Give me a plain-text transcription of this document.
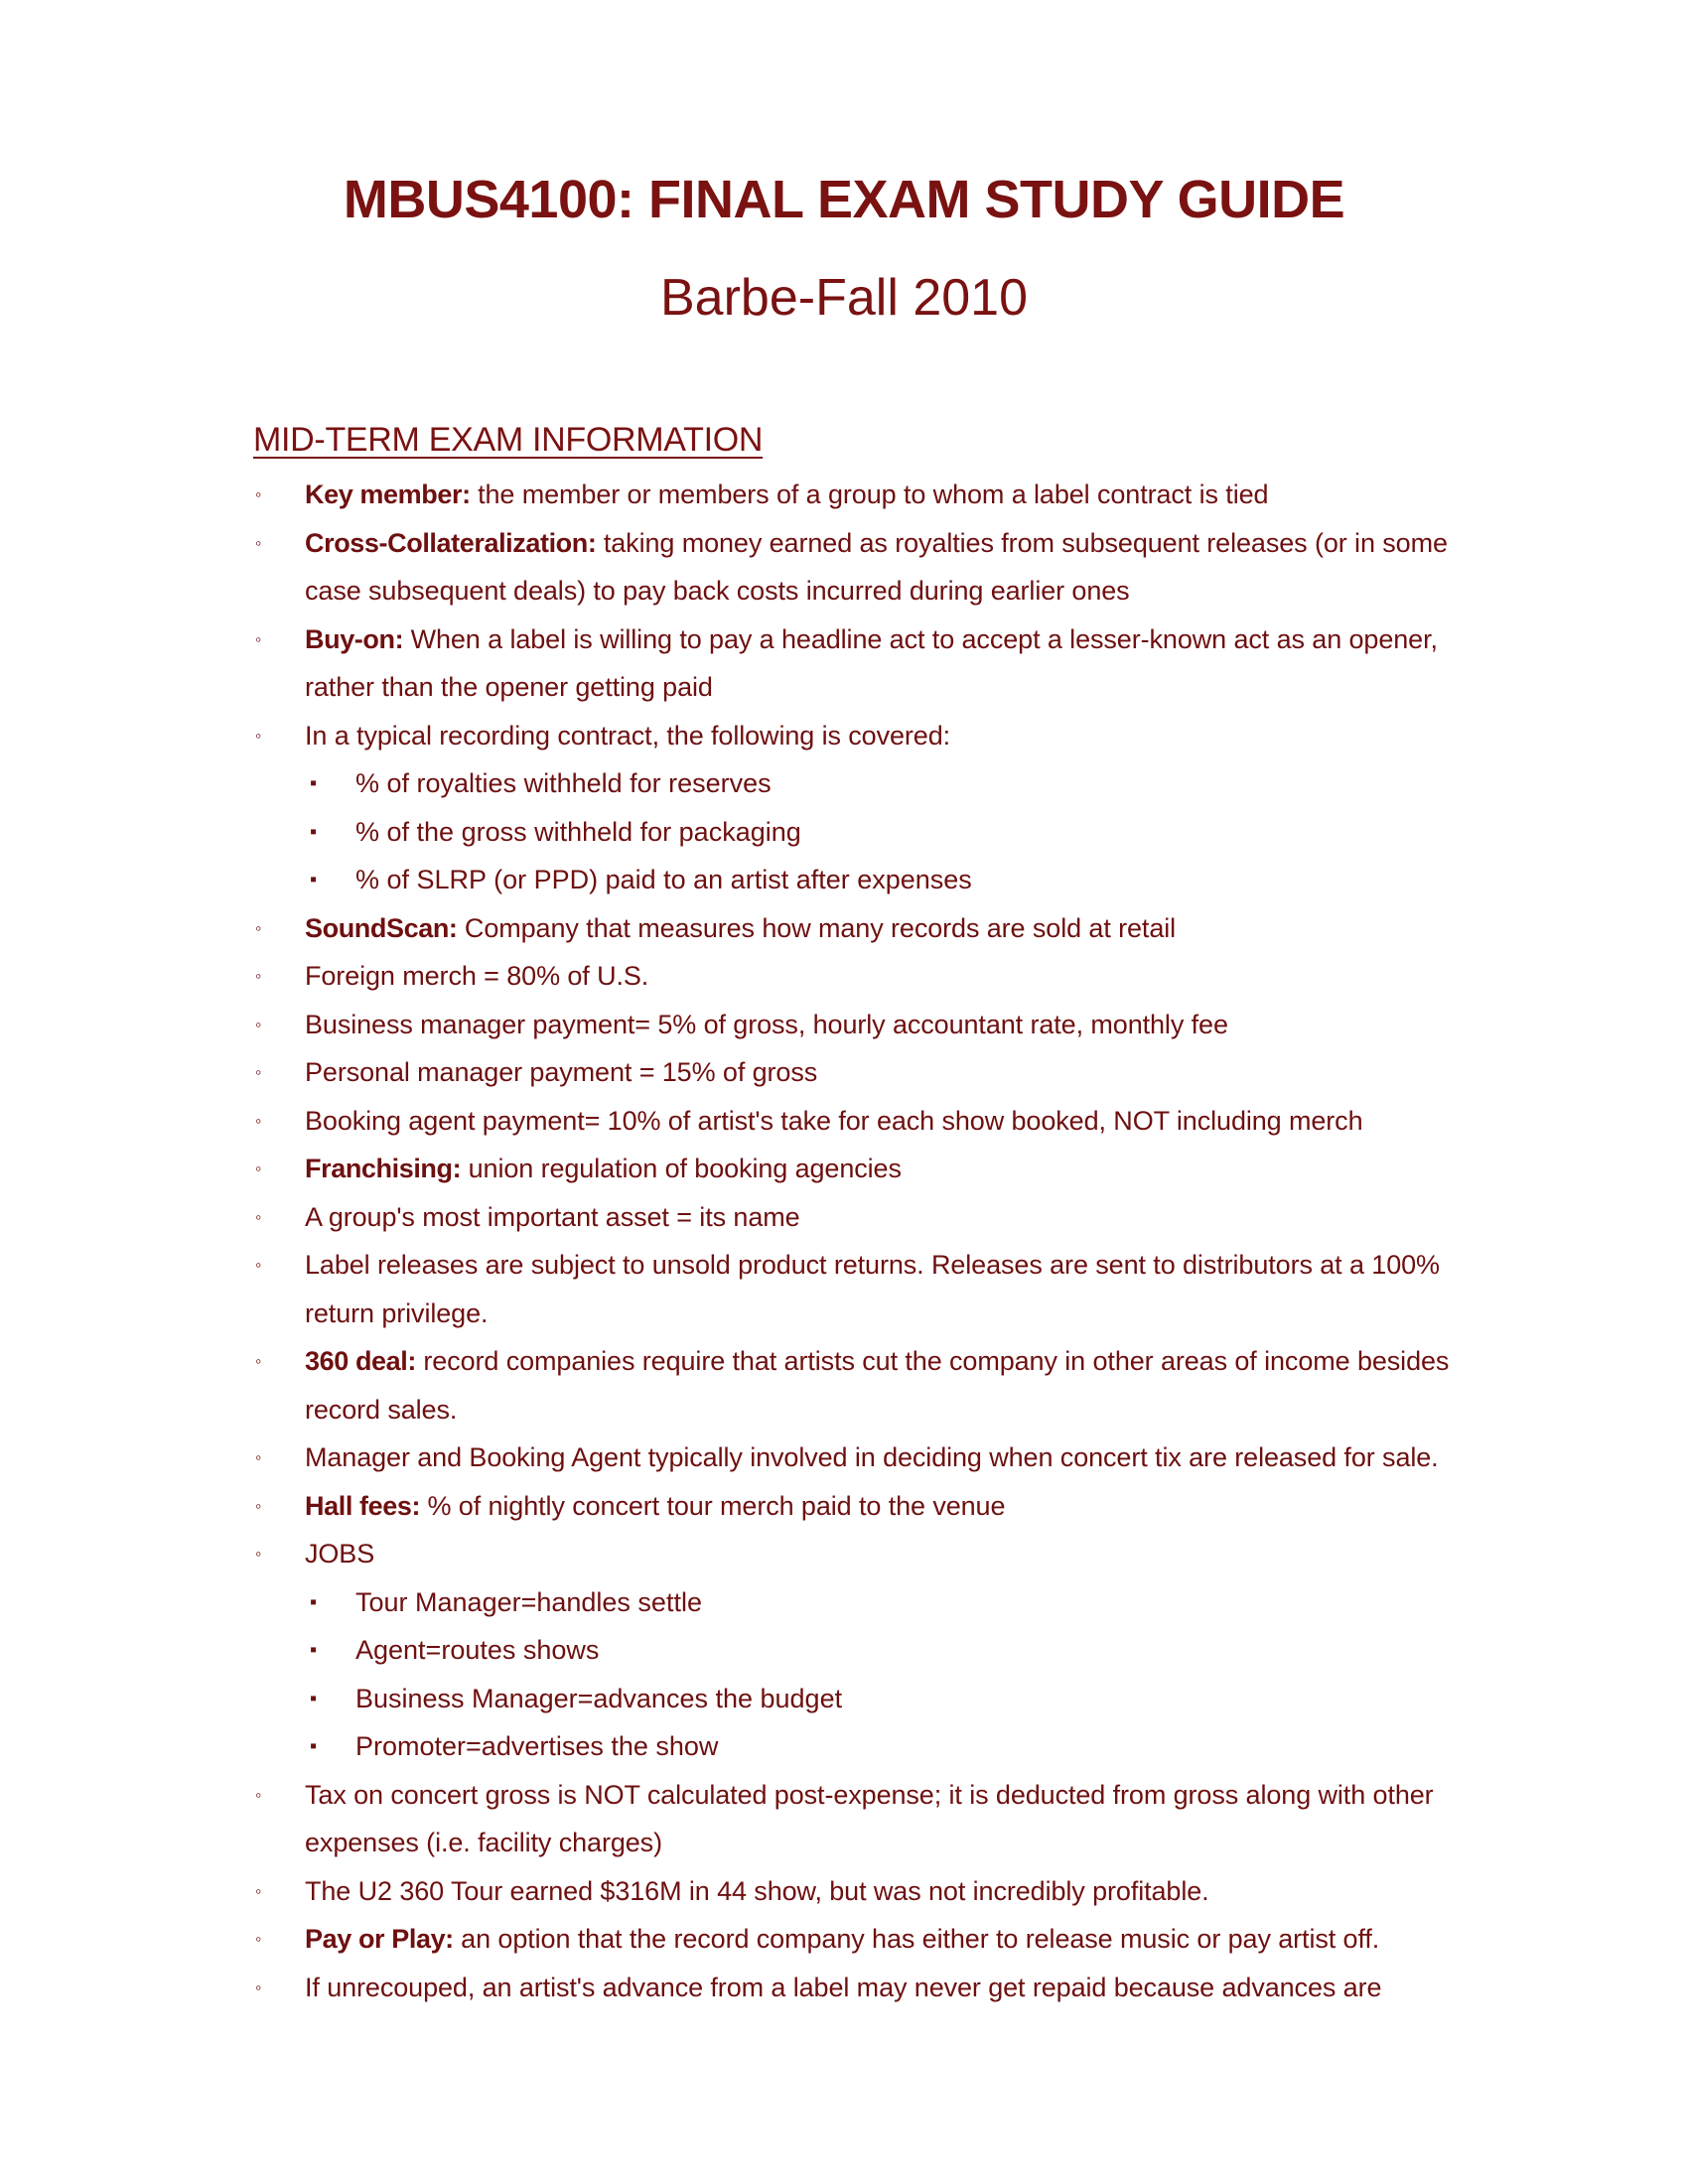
MBUS4100: FINAL EXAM STUDY GUIDE
Barbe-Fall 2010
MID-TERM EXAM INFORMATION
◦ Key member: the member or members of a group to whom a label contract is tied
◦ Cross-Collateralization: taking money earned as royalties from subsequent releases (or in some case subsequent deals) to pay back costs incurred during earlier ones
◦ Buy-on: When a label is willing to pay a headline act to accept a lesser-known act as an opener, rather than the opener getting paid
◦ In a typical recording contract, the following is covered:
▪ % of royalties withheld for reserves
▪ % of the gross withheld for packaging
▪ % of SLRP (or PPD) paid to an artist after expenses
◦ SoundScan: Company that measures how many records are sold at retail
◦ Foreign merch = 80% of U.S.
◦ Business manager payment= 5% of gross, hourly accountant rate, monthly fee
◦ Personal manager payment = 15% of gross
◦ Booking agent payment= 10% of artist's take for each show booked, NOT including merch
◦ Franchising: union regulation of booking agencies
◦ A group's most important asset = its name
◦ Label releases are subject to unsold product returns. Releases are sent to distributors at a 100% return privilege.
◦ 360 deal: record companies require that artists cut the company in other areas of income besides record sales.
◦ Manager and Booking Agent typically involved in deciding when concert tix are released for sale.
◦ Hall fees: % of nightly concert tour merch paid to the venue
◦ JOBS
▪ Tour Manager=handles settle
▪ Agent=routes shows
▪ Business Manager=advances the budget
▪ Promoter=advertises the show
◦ Tax on concert gross is NOT calculated post-expense; it is deducted from gross along with other expenses (i.e. facility charges)
◦ The U2 360 Tour earned $316M in 44 show, but was not incredibly profitable.
◦ Pay or Play: an option that the record company has either to release music or pay artist off.
◦ If unrecouped, an artist's advance from a label may never get repaid because advances are
